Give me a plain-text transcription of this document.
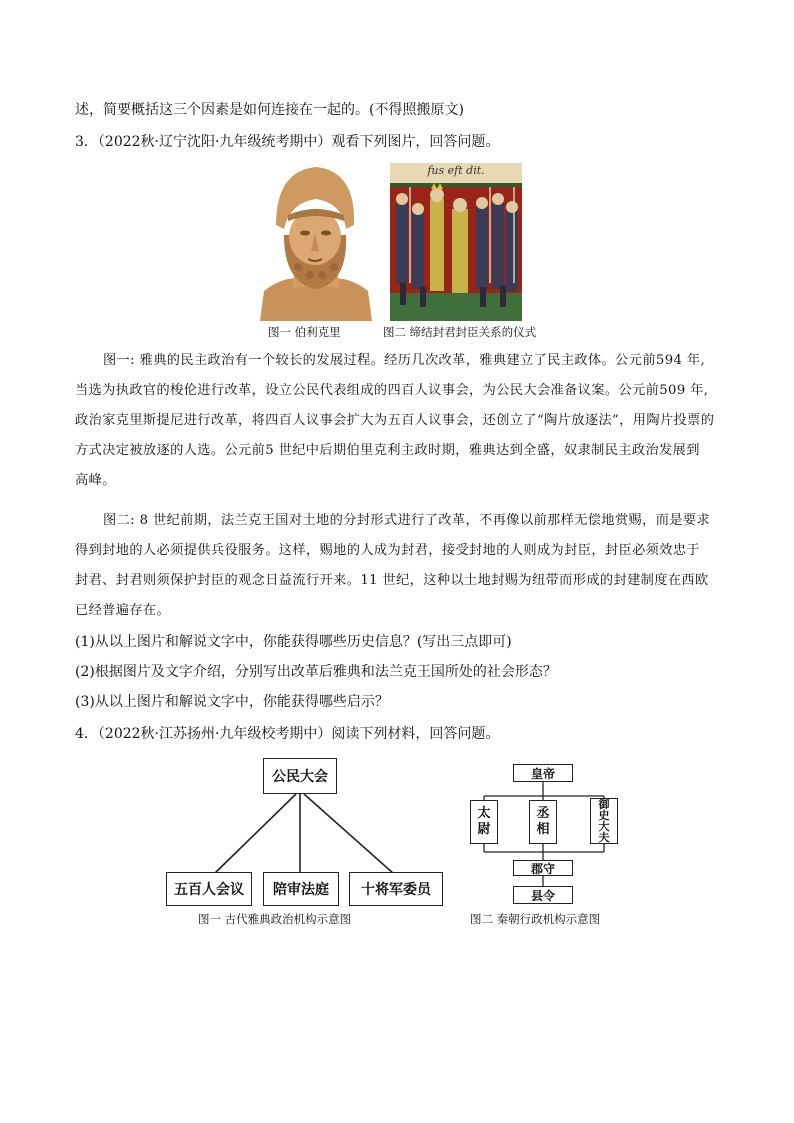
述，简要概括这三个因素是如何连接在一起的。(不得照搬原文)
3．（2022秋·辽宁沈阳·九年级统考期中）观看下列图片，回答问题。
fus eft dit.
图一 伯利克里	图二 缔结封君封臣关系的仪式
图一: 雅典的民主政治有一个较长的发展过程。经历几次改革，雅典建立了民主政体。公元前594 年,
当选为执政官的梭伦进行改革，设立公民代表组成的四百人议事会，为公民大会准备议案。公元前509 年,
政治家克里斯提尼进行改革，将四百人议事会扩大为五百人议事会，还创立了“陶片放逐法”，用陶片投票的
方式决定被放逐的人选。公元前5 世纪中后期伯里克利主政时期，雅典达到全盛，奴隶制民主政治发展到
高峰。
图二: 8 世纪前期，法兰克王国对土地的分封形式进行了改革，不再像以前那样无偿地赏赐，而是要求
得到封地的人必须提供兵役服务。这样，赐地的人成为封君，接受封地的人则成为封臣，封臣必须效忠于
封君、封君则须保护封臣的观念日益流行开来。11 世纪，这种以土地封赐为纽带而形成的封建制度在西欧
已经普遍存在。
(1)从以上图片和解说文字中，你能获得哪些历史信息？(写出三点即可)
(2)根据图片及文字介绍，分别写出改革后雅典和法兰克王国所处的社会形态？
(3)从以上图片和解说文字中，你能获得哪些启示？
4．（2022秋·江苏扬州·九年级校考期中）阅读下列材料，回答问题。
公民大会
五百人会议	陪审法庭	十将军委员
图一 古代雅典政治机构示意图
皇帝
太
尉
丞
相
御
史
大
夫
郡守
县令
图二 秦朝行政机构示意图
